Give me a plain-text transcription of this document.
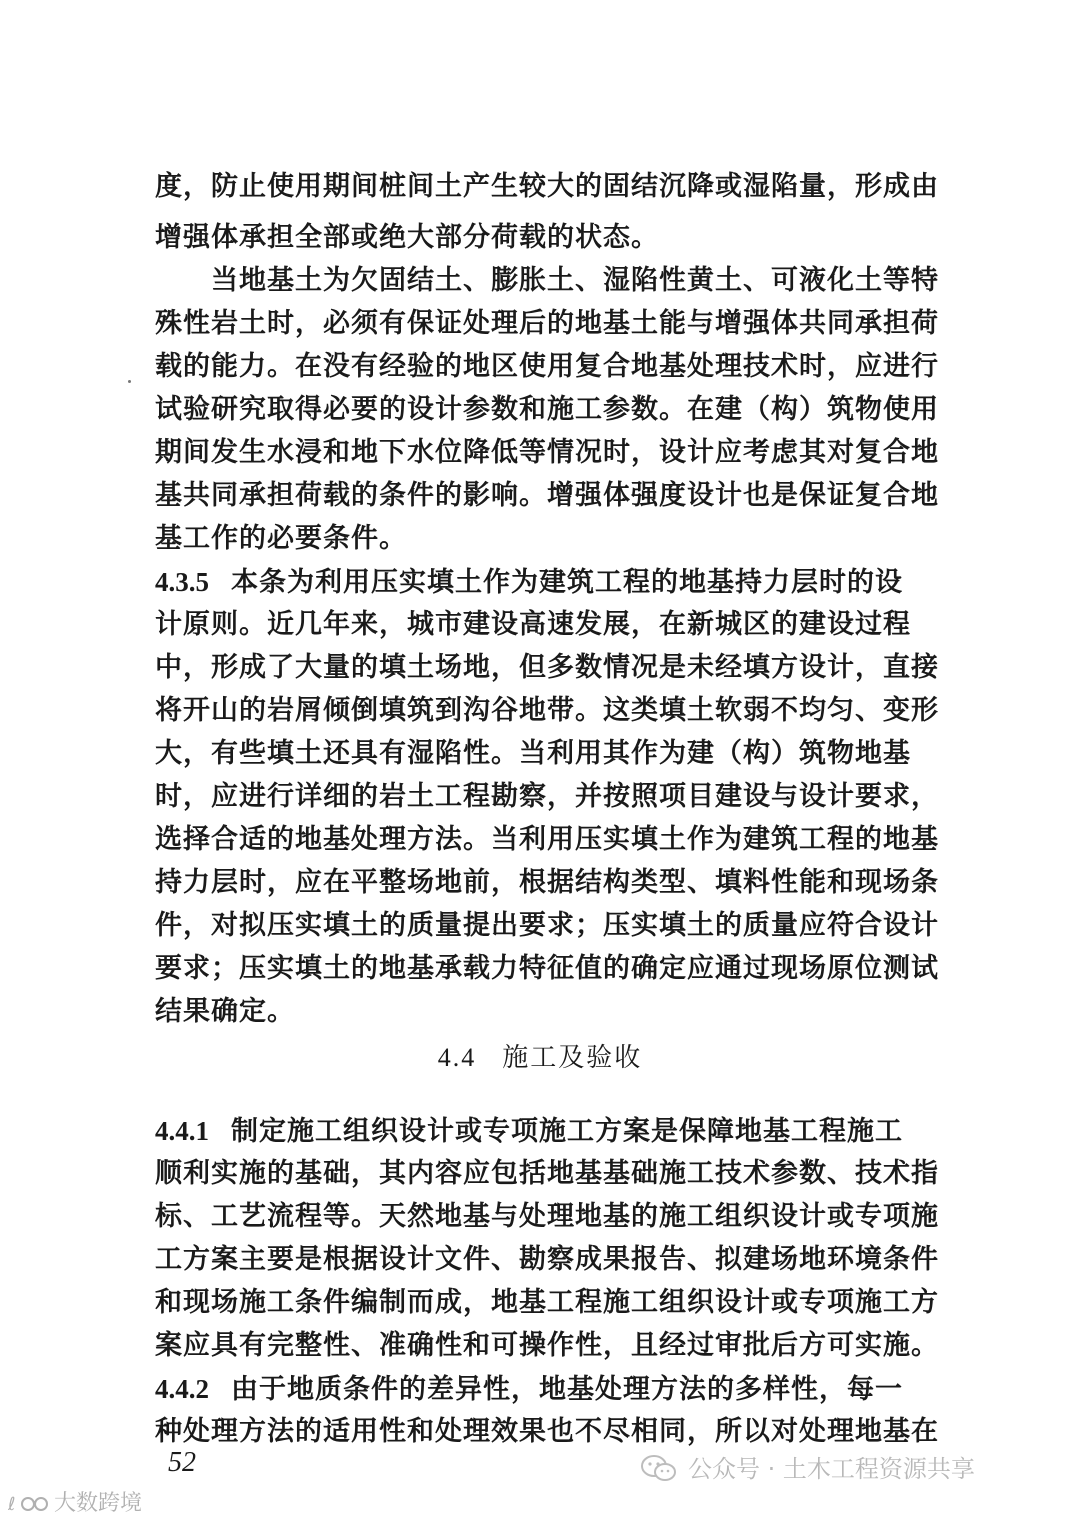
度，防止使用期间桩间土产生较大的固结沉降或湿陷量，形成由
增强体承担全部或绝大部分荷载的状态。
　　当地基土为欠固结土、膨胀土、湿陷性黄土、可液化土等特
殊性岩土时，必须有保证处理后的地基土能与增强体共同承担荷
载的能力。在没有经验的地区使用复合地基处理技术时，应进行
试验研究取得必要的设计参数和施工参数。在建（构）筑物使用
期间发生水浸和地下水位降低等情况时，设计应考虑其对复合地
基共同承担荷载的条件的影响。增强体强度设计也是保证复合地
基工作的必要条件。
4.3.5 本条为利用压实填土作为建筑工程的地基持力层时的设
计原则。近几年来，城市建设高速发展，在新城区的建设过程
中，形成了大量的填土场地，但多数情况是未经填方设计，直接
将开山的岩屑倾倒填筑到沟谷地带。这类填土软弱不均匀、变形
大，有些填土还具有湿陷性。当利用其作为建（构）筑物地基
时，应进行详细的岩土工程勘察，并按照项目建设与设计要求，
选择合适的地基处理方法。当利用压实填土作为建筑工程的地基
持力层时，应在平整场地前，根据结构类型、填料性能和现场条
件，对拟压实填土的质量提出要求；压实填土的质量应符合设计
要求；压实填土的地基承载力特征值的确定应通过现场原位测试
结果确定。
4.4 施工及验收
4.4.1 制定施工组织设计或专项施工方案是保障地基工程施工
顺利实施的基础，其内容应包括地基基础施工技术参数、技术指
标、工艺流程等。天然地基与处理地基的施工组织设计或专项施
工方案主要是根据设计文件、勘察成果报告、拟建场地环境条件
和现场施工条件编制而成，地基工程施工组织设计或专项施工方
案应具有完整性、准确性和可操作性，且经过审批后方可实施。
4.4.2 由于地质条件的差异性，地基处理方法的多样性，每一
种处理方法的适用性和处理效果也不尽相同，所以对处理地基在
52	公众号 · 土木工程资源共享
ℓ 大数跨境
